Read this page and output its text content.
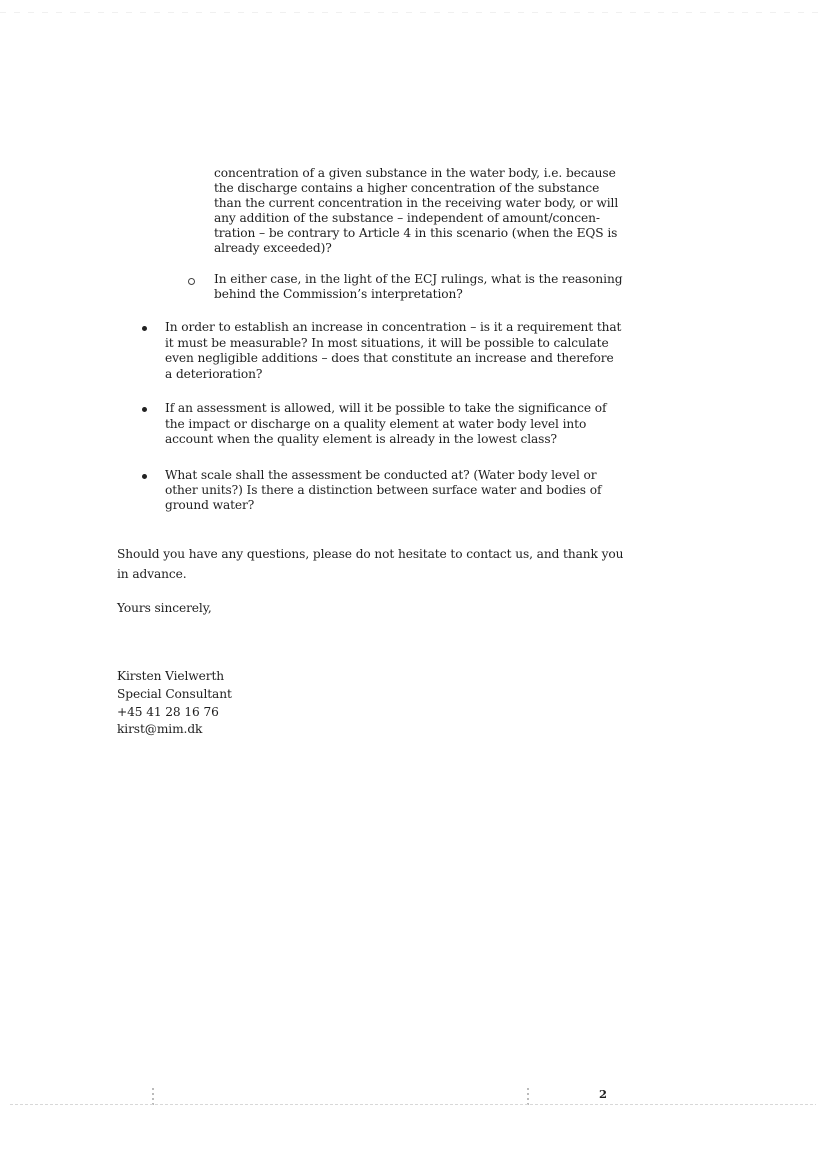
concentration of a given substance in the water body, i.e. because
the discharge contains a higher concentration of the substance
than the current concentration in the receiving water body, or will
any addition of the substance – independent of amount/concen-
tration – be contrary to Article 4 in this scenario (when the EQS is
already exceeded)?
In either case, in the light of the ECJ rulings, what is the reasoning
behind the Commission’s interpretation?
In order to establish an increase in concentration – is it a requirement that
it must be measurable? In most situations, it will be possible to calculate
even negligible additions – does that constitute an increase and therefore
a deterioration?
If an assessment is allowed, will it be possible to take the significance of
the impact or discharge on a quality element at water body level into
account when the quality element is already in the lowest class?
What scale shall the assessment be conducted at? (Water body level or
other units?) Is there a distinction between surface water and bodies of
ground water?
Should you have any questions, please do not hesitate to contact us, and thank you
in advance.
Yours sincerely,
Kirsten Vielwerth
Special Consultant
+45 41 28 16 76
kirst@mim.dk
2
